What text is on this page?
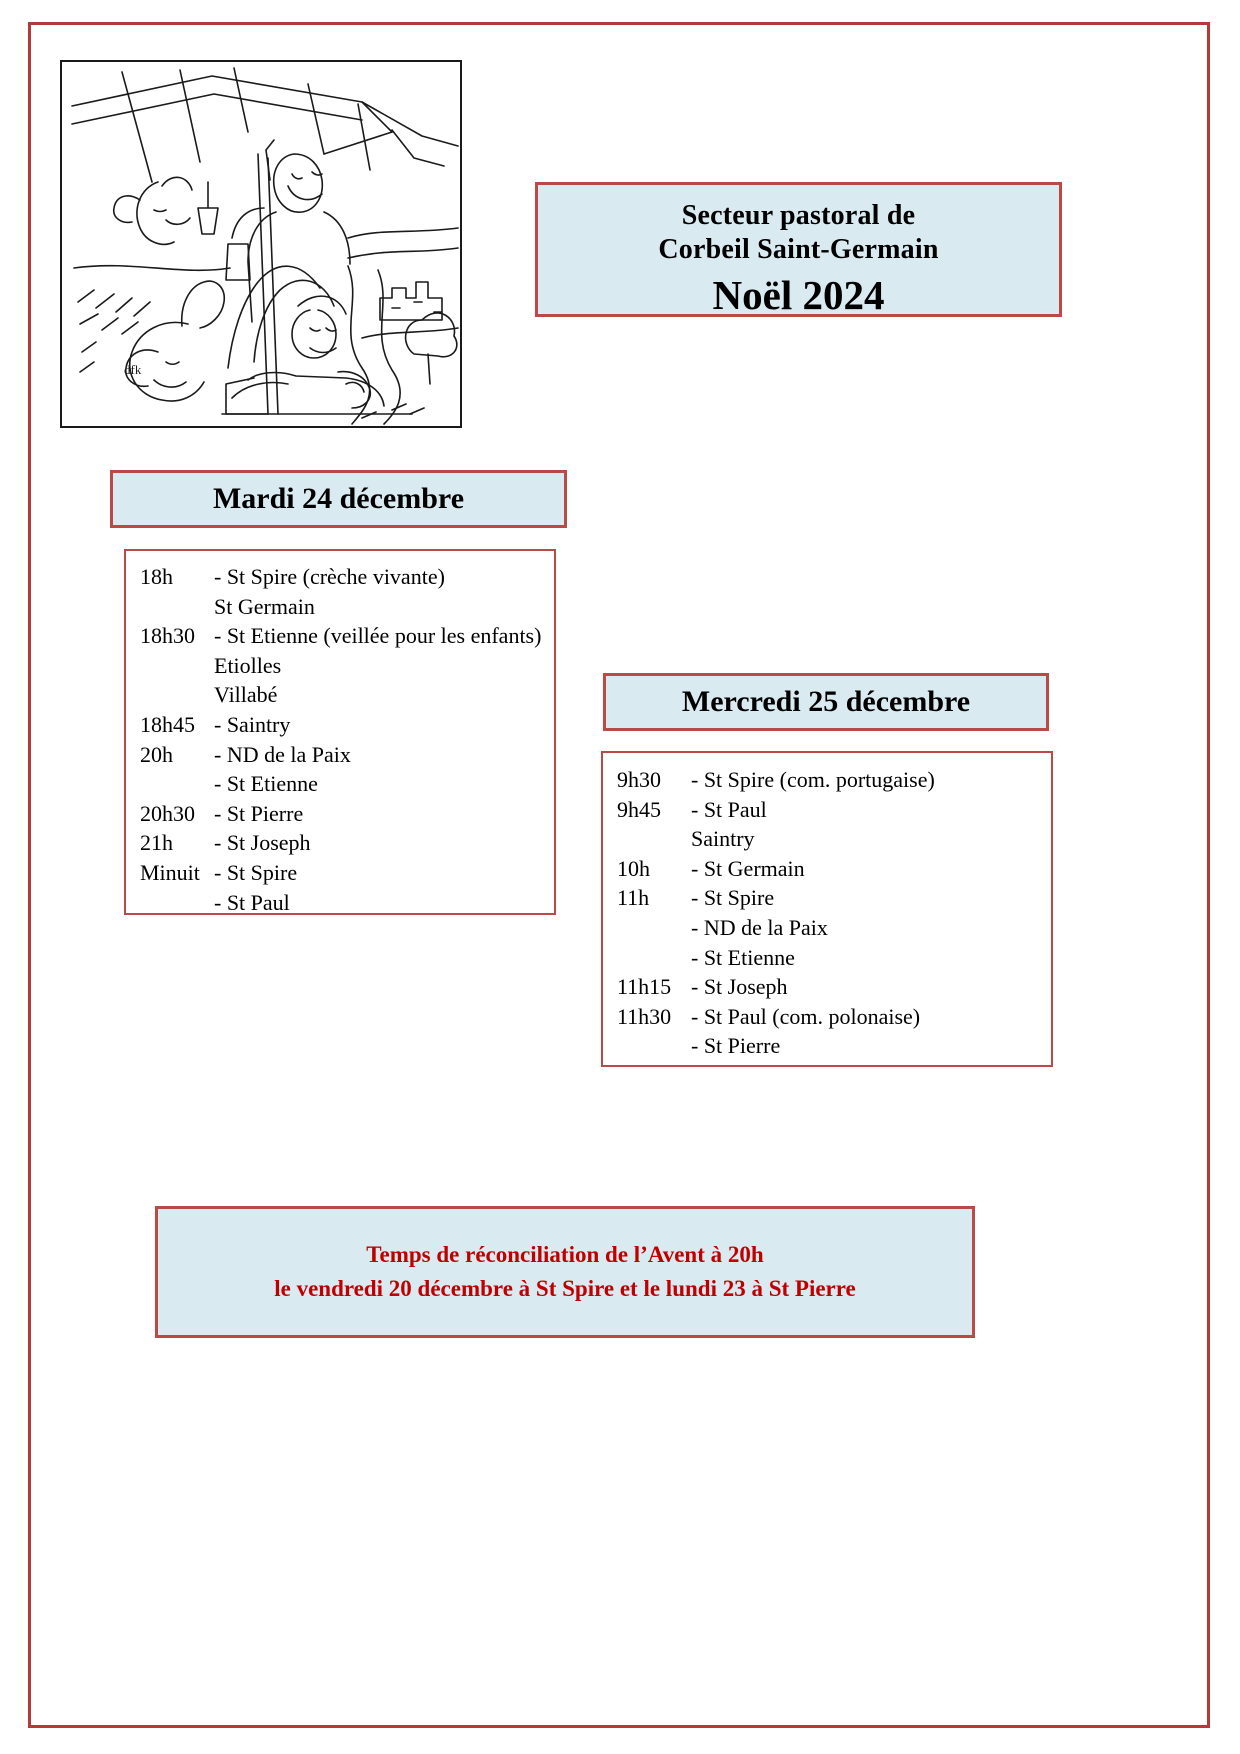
dfk
Secteur pastoral de
Corbeil Saint-Germain
Noël 2024
Mardi 24 décembre
18h	- St Spire (crèche vivante)
St Germain
18h30 - St Etienne (veillée pour les enfants)
Etiolles
Villabé
18h45 - Saintry
20h	- ND de la Paix
- St Etienne
20h30 - St Pierre
21h	- St Joseph
Minuit - St Spire
- St Paul
Mercredi 25 décembre
9h30	- St Spire (com. portugaise)
9h45	- St Paul
Saintry
10h	- St Germain
11h	- St Spire
- ND de la Paix
- St Etienne
11h15 - St Joseph
11h30 - St Paul (com. polonaise)
- St Pierre
Temps de réconciliation de l’Avent à 20h
le vendredi 20 décembre à St Spire et le lundi 23 à St Pierre
